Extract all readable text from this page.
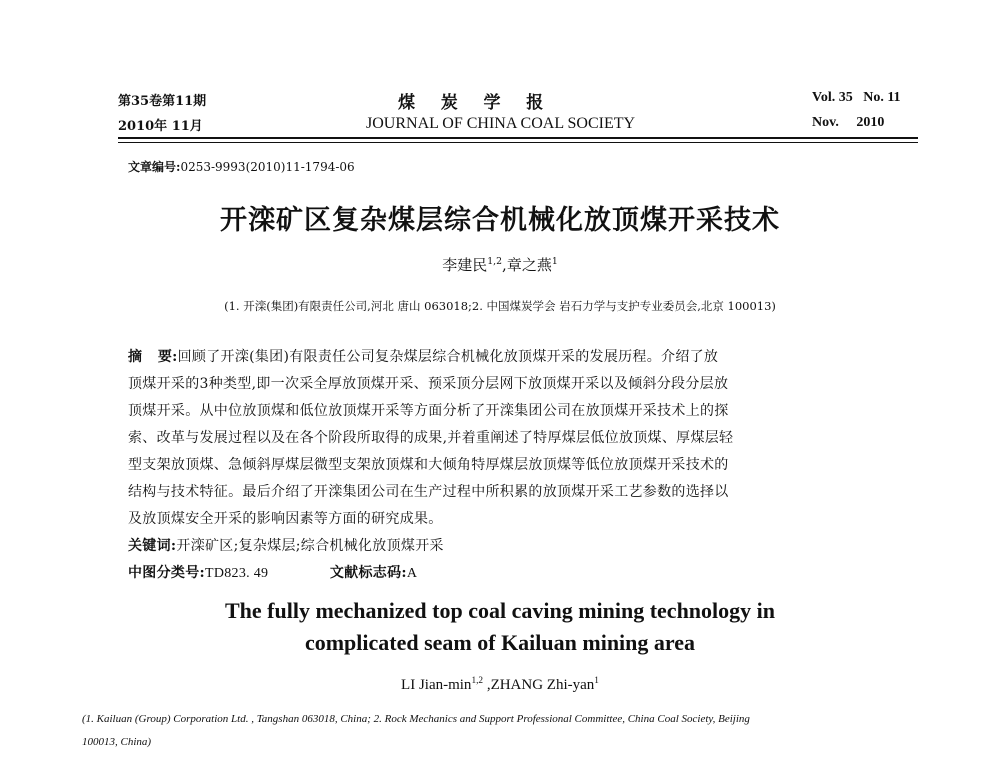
第35卷第11期
2010年 11月
煤   炭   学   报
JOURNAL OF CHINA COAL SOCIETY
Vol. 35   No. 11
Nov.     2010
文章编号:0253-9993(2010)11-1794-06
开滦矿区复杂煤层综合机械化放顶煤开采技术
李建民$^{1,2}$,章之燕$^1$
(1. 开滦(集团)有限责任公司,河北 唐山 063018;2. 中国煤炭学会 岩石力学与支护专业委员会,北京 100013)
摘   要:回顾了开滦(集团)有限责任公司复杂煤层综合机械化放顶煤开采的发展历程。介绍了放
顶煤开采的3种类型,即一次采全厚放顶煤开采、预采顶分层网下放顶煤开采以及倾斜分段分层放
顶煤开采。从中位放顶煤和低位放顶煤开采等方面分析了开滦集团公司在放顶煤开采技术上的探
索、改革与发展过程以及在各个阶段所取得的成果,并着重阐述了特厚煤层低位放顶煤、厚煤层轻
型支架放顶煤、急倾斜厚煤层微型支架放顶煤和大倾角特厚煤层放顶煤等低位放顶煤开采技术的
结构与技术特征。最后介绍了开滦集团公司在生产过程中所积累的放顶煤开采工艺参数的选择以
及放顶煤安全开采的影响因素等方面的研究成果。
关键词:开滦矿区;复杂煤层;综合机械化放顶煤开采
中图分类号:TD823. 49	文献标志码:A
The fully mechanized top coal caving mining technology in
complicated seam of Kailuan mining area
LI Jian-$\min^{1,2}$ ,ZHANG Zhi-yan$^1$
(1. Kailuan (Group) Corporation Ltd. , Tangshan 063018, China; 2. Rock Mechanics and Support Professional Committee, China Coal Society, Beijing
100013, China)
